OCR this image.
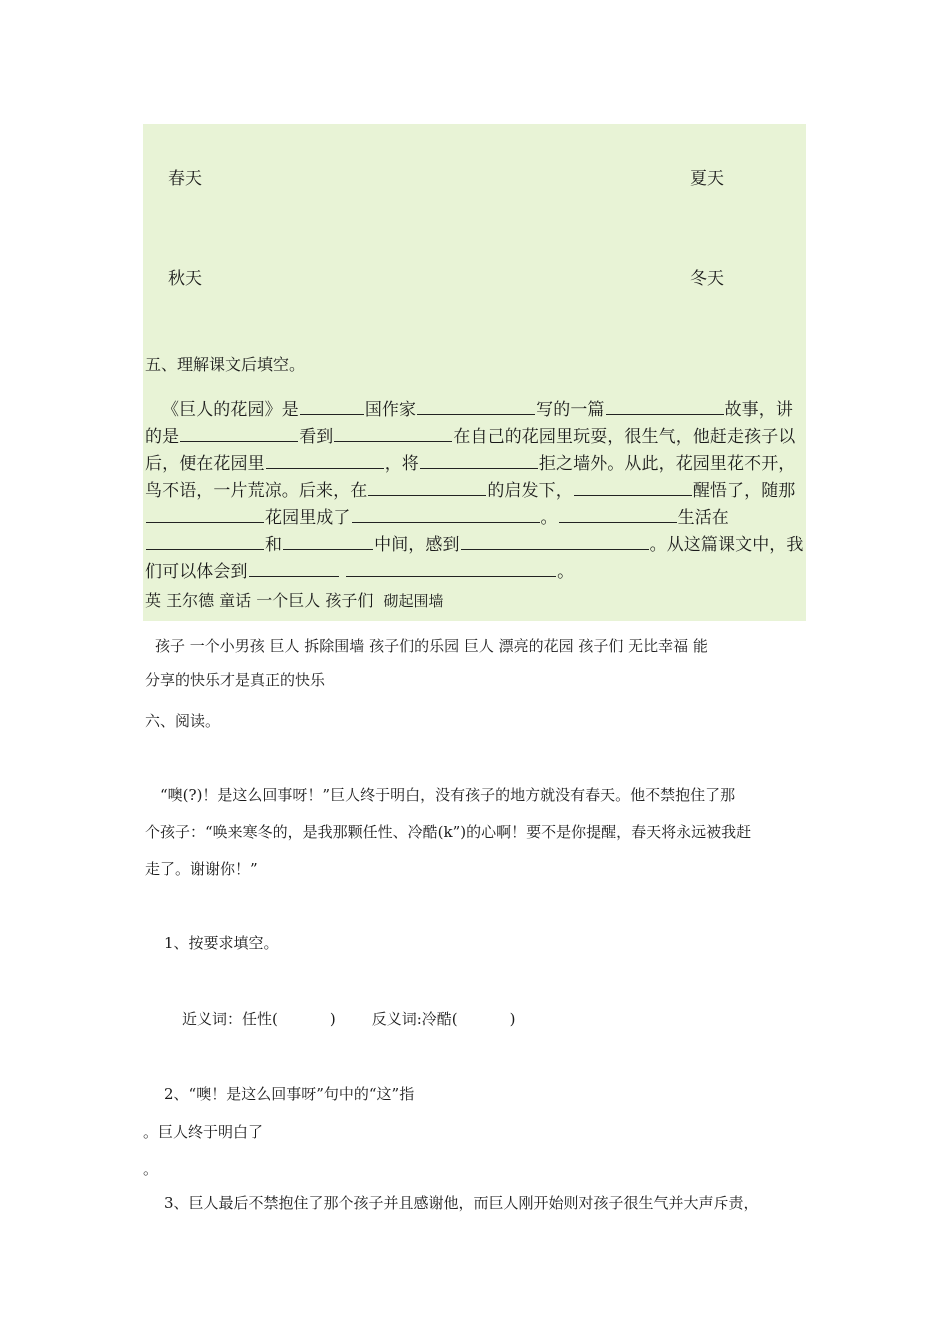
春天	夏天
秋天	冬天
五、理解课文后填空。
《巨人的花园》是	国作家	写的一篇	故事，讲的是	看到	在自己的花园里玩耍，很生气，他赶走孩子以后，便在花园里	，将	拒之墙外。从此，花园里花不开，鸟不语，一片荒凉。后来，在	的启发下，	醒悟了，随那花园里成了	。	生活在和	中间，感到	。从这篇课文中，我们可以体会到	。
英 王尔德 童话 一个巨人 孩子们 砌起围墙
孩子 一个小男孩 巨人 拆除围墙 孩子们的乐园 巨人 漂亮的花园 孩子们 无比幸福 能
分享的快乐才是真正的快乐
六、阅读。
“噢(?)！是这么回事呀！”巨人终于明白，没有孩子的地方就没有春天。他不禁抱住了那
个孩子：“唤来寒冬的，是我那颗任性、冷酷(k”)的心啊！要不是你提醒，春天将永远被我赶
走了。谢谢你！”
1、按要求填空。
近义词：任性(	) 反义词:冷酷(	)
2、“噢！是这么回事呀”句中的“这”指
。巨人终于明白了
。
3、巨人最后不禁抱住了那个孩子并且感谢他，而巨人刚开始则对孩子很生气并大声斥责，
